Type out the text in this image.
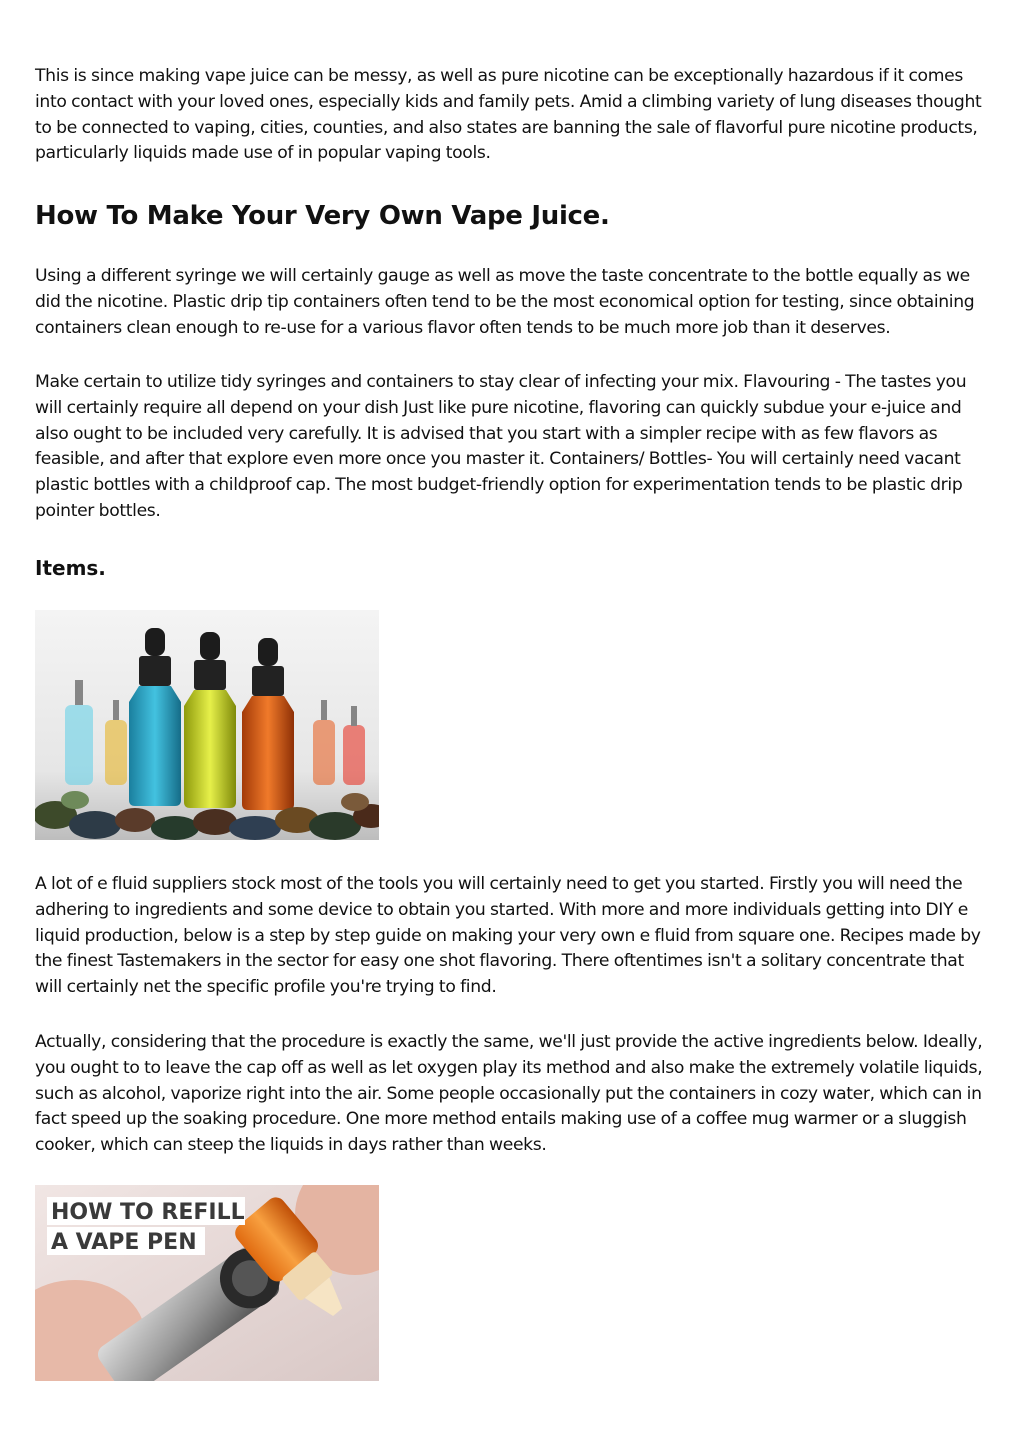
This is since making vape juice can be messy, as well as pure nicotine can be exceptionally hazardous if it comes into contact with your loved ones, especially kids and family pets. Amid a climbing variety of lung diseases thought to be connected to vaping, cities, counties, and also states are banning the sale of flavorful pure nicotine products, particularly liquids made use of in popular vaping tools.

How To Make Your Very Own Vape Juice.

Using a different syringe we will certainly gauge as well as move the taste concentrate to the bottle equally as we did the nicotine. Plastic drip tip containers often tend to be the most economical option for testing, since obtaining containers clean enough to re-use for a various flavor often tends to be much more job than it deserves.

Make certain to utilize tidy syringes and containers to stay clear of infecting your mix. Flavouring - The tastes you will certainly require all depend on your dish Just like pure nicotine, flavoring can quickly subdue your e-juice and also ought to be included very carefully. It is advised that you start with a simpler recipe with as few flavors as feasible, and after that explore even more once you master it. Containers/ Bottles- You will certainly need vacant plastic bottles with a childproof cap. The most budget-friendly option for experimentation tends to be plastic drip pointer bottles.

Items.

A lot of e fluid suppliers stock most of the tools you will certainly need to get you started. Firstly you will need the adhering to ingredients and some device to obtain you started. With more and more individuals getting into DIY e liquid production, below is a step by step guide on making your very own e fluid from square one. Recipes made by the finest Tastemakers in the sector for easy one shot flavoring. There oftentimes isn't a solitary concentrate that will certainly net the specific profile you're trying to find.

Actually, considering that the procedure is exactly the same, we'll just provide the active ingredients below. Ideally, you ought to to leave the cap off as well as let oxygen play its method and also make the extremely volatile liquids, such as alcohol, vaporize right into the air. Some people occasionally put the containers in cozy water, which can in fact speed up the soaking procedure. One more method entails making use of a coffee mug warmer or a sluggish cooker, which can steep the liquids in days rather than weeks.

HOW TO REFILL
A VAPE PEN
